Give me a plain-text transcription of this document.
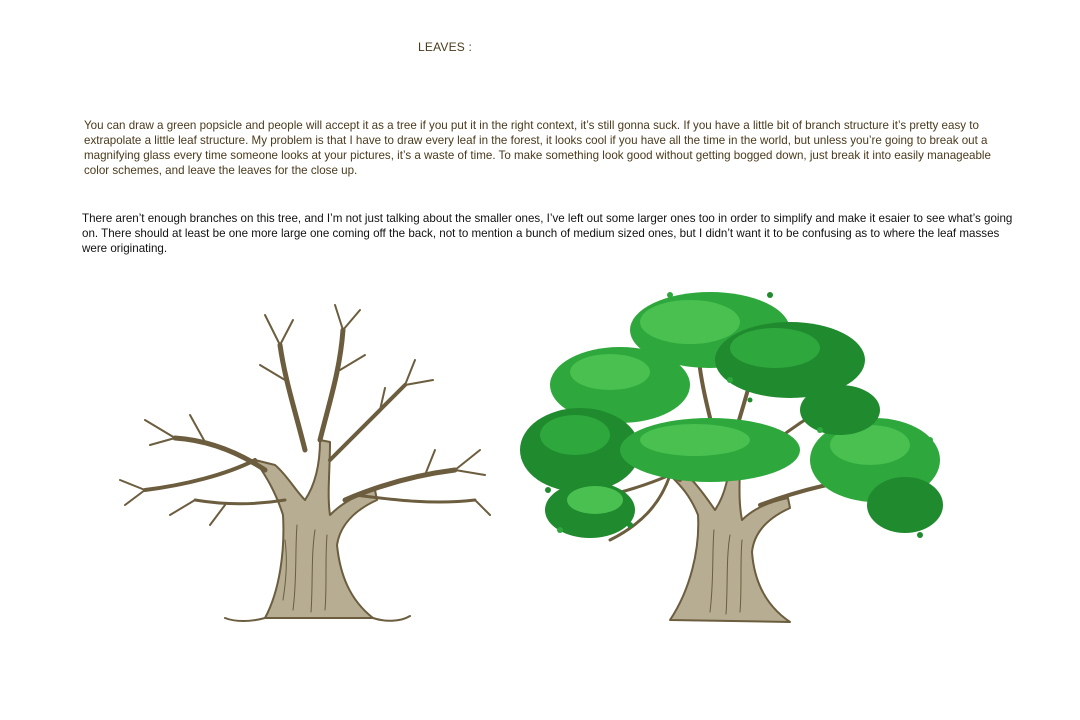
LEAVES :
You can draw a green popsicle and people will accept it as a tree if you put it in the right context, it’s still gonna suck. If you have a little bit of branch structure it’s pretty easy to extrapolate a little leaf structure. My problem is that I have to draw every leaf in the forest, it looks cool if you have all the time in the world, but unless you’re going to break out a magnifying glass every time someone looks at your pictures, it’s a waste of time. To make something look good without getting bogged down, just break it into easily manageable color schemes, and leave the leaves for the close up.
There aren’t enough branches on this tree, and I’m not just talking about the smaller ones, I’ve left out some larger ones too in order to simplify and make it esaier to see what’s going on. There should at least be one more large one coming off the back, not to mention a bunch of medium sized ones, but I didn’t want it to be confusing as to where the leaf masses were originating.
